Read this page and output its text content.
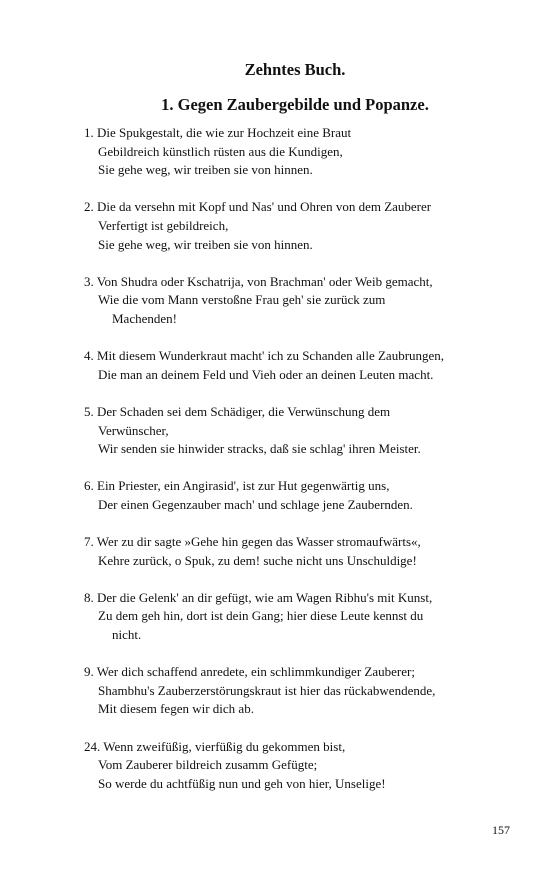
Zehntes Buch.
1. Gegen Zaubergebilde und Popanze.
1. Die Spukgestalt, die wie zur Hochzeit eine Braut
Gebildreich künstlich rüsten aus die Kundigen,
Sie gehe weg, wir treiben sie von hinnen.
2. Die da versehn mit Kopf und Nas' und Ohren von dem Zauberer
Verfertigt ist gebildreich,
Sie gehe weg, wir treiben sie von hinnen.
3. Von Shudra oder Kschatrija, von Brachman' oder Weib gemacht,
Wie die vom Mann verstoßne Frau geh' sie zurück zum
Machenden!
4. Mit diesem Wunderkraut macht' ich zu Schanden alle Zaubrungen,
Die man an deinem Feld und Vieh oder an deinen Leuten macht.
5. Der Schaden sei dem Schädiger, die Verwünschung dem
Verwünscher,
Wir senden sie hinwider stracks, daß sie schlag' ihren Meister.
6. Ein Priester, ein Angirasid', ist zur Hut gegenwärtig uns,
Der einen Gegenzauber mach' und schlage jene Zaubernden.
7. Wer zu dir sagte »Gehe hin gegen das Wasser stromaufwärts«,
Kehre zurück, o Spuk, zu dem! suche nicht uns Unschuldige!
8. Der die Gelenk' an dir gefügt, wie am Wagen Ribhu's mit Kunst,
Zu dem geh hin, dort ist dein Gang; hier diese Leute kennst du
nicht.
9. Wer dich schaffend anredete, ein schlimmkundiger Zauberer;
Shambhu's Zauberzerstörungskraut ist hier das rückabwendende,
Mit diesem fegen wir dich ab.
24. Wenn zweifüßig, vierfüßig du gekommen bist,
Vom Zauberer bildreich zusamm Gefügte;
So werde du achtfüßig nun und geh von hier, Unselige!
157
